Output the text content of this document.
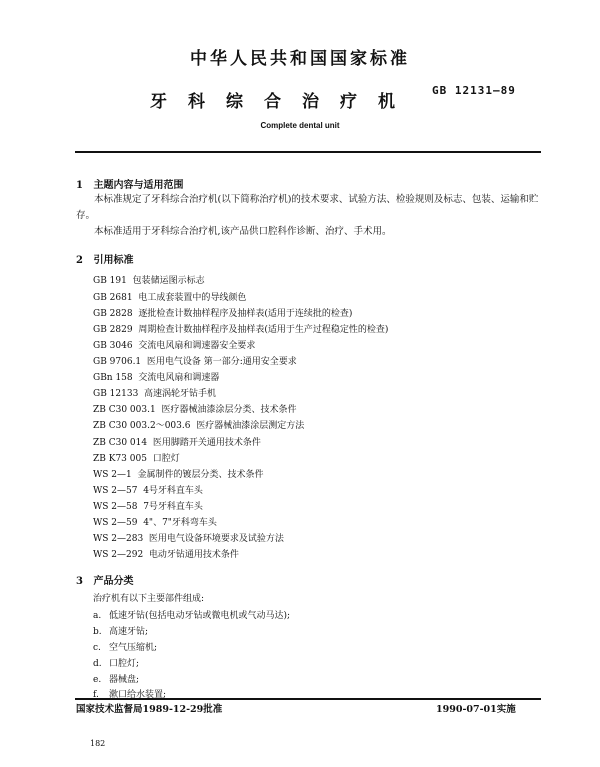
中华人民共和国国家标准
牙科综合治疗机
GB 12131—89
Complete dental unit
1 主题内容与适用范围
本标准规定了牙科综合治疗机(以下简称治疗机)的技术要求、试验方法、检验规则及标志、包装、运输和贮存。
本标准适用于牙科综合治疗机,该产品供口腔科作诊断、治疗、手术用。
2 引用标准
GB 191 包装储运图示标志
GB 2681 电工成套装置中的导线颜色
GB 2828 逐批检查计数抽样程序及抽样表(适用于连续批的检查)
GB 2829 周期检查计数抽样程序及抽样表(适用于生产过程稳定性的检查)
GB 3046 交流电风扇和调速器安全要求
GB 9706.1 医用电气设备 第一部分:通用安全要求
GBn 158 交流电风扇和调速器
GB 12133 高速涡轮牙钻手机
ZB C30 003.1 医疗器械油漆涂层分类、技术条件
ZB C30 003.2～003.6 医疗器械油漆涂层测定方法
ZB C30 014 医用脚踏开关通用技术条件
ZB K73 005 口腔灯
WS 2—1 金属制件的镀层分类、技术条件
WS 2—57 4号牙科直车头
WS 2—58 7号牙科直车头
WS 2—59 4"、7"牙科弯车头
WS 2—283 医用电气设备环境要求及试验方法
WS 2—292 电动牙钻通用技术条件
3 产品分类
治疗机有以下主要部件组成:
a. 低速牙钻(包括电动牙钻或微电机或气动马达);
b. 高速牙钻;
c. 空气压缩机;
d. 口腔灯;
e. 器械盘;
f. 漱口给水装置;
国家技术监督局1989-12-29批准	1990-07-01实施
182
